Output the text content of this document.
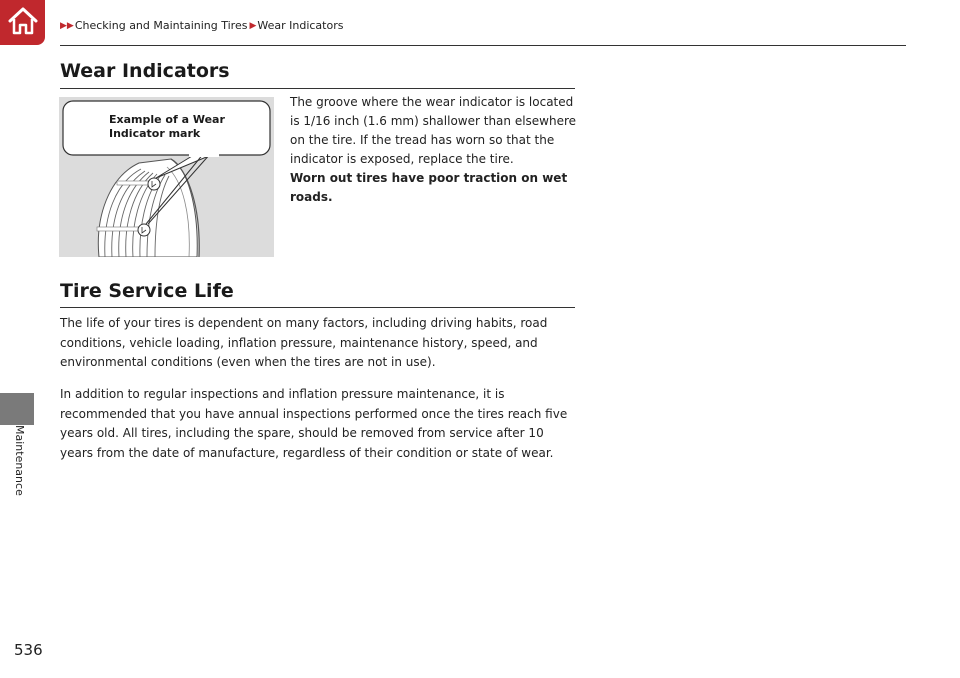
Maintenance
▶▶ Checking and Maintaining Tires ▶ Wear Indicators
Wear Indicators
Example of a Wear Indicator mark

The groove where the wear indicator is located is 1/16 inch (1.6 mm) shallower than elsewhere on the tire. If the tread has worn so that the indicator is exposed, replace the tire.
Worn out tires have poor traction on wet roads.

Tire Service Life

The life of your tires is dependent on many factors, including driving habits, road conditions, vehicle loading, inflation pressure, maintenance history, speed, and environmental conditions (even when the tires are not in use).

In addition to regular inspections and inflation pressure maintenance, it is recommended that you have annual inspections performed once the tires reach five years old. All tires, including the spare, should be removed from service after 10 years from the date of manufacture, regardless of their condition or state of wear.

536
